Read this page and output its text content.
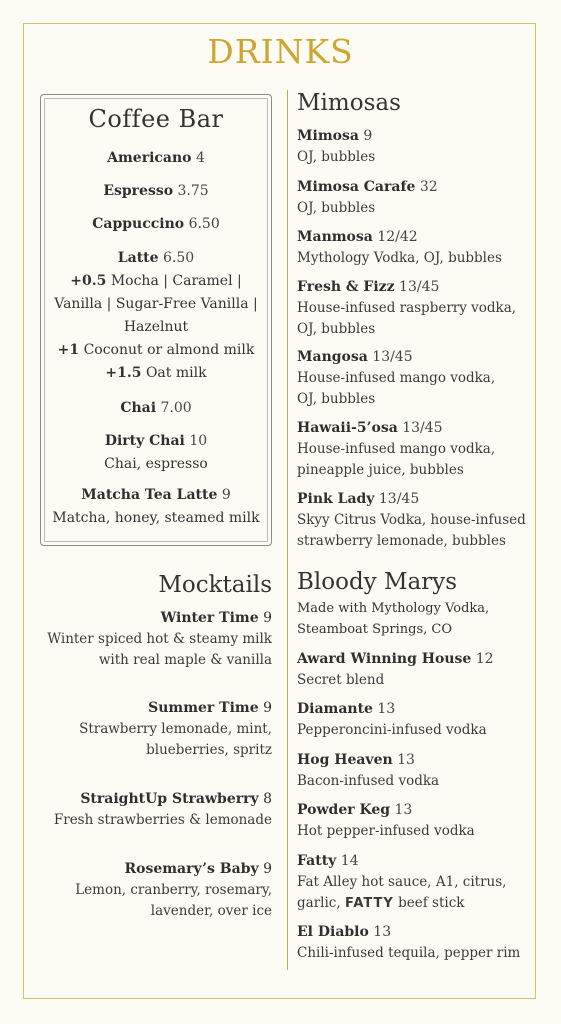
DRINKS
Coffee Bar
Americano 4
Espresso 3.75
Cappuccino 6.50
Latte 6.50
+0.5 Mocha | Caramel |
Vanilla | Sugar-Free Vanilla |
Hazelnut
+1 Coconut or almond milk
+1.5 Oat milk
Chai 7.00
Dirty Chai 10
Chai, espresso
Matcha Tea Latte 9
Matcha, honey, steamed milk
Mimosas
Mimosa 9
OJ, bubbles
Mimosa Carafe 32
OJ, bubbles
Manmosa 12/42
Mythology Vodka, OJ, bubbles
Fresh & Fizz 13/45
House-infused raspberry vodka,
OJ, bubbles
Mangosa 13/45
House-infused mango vodka,
OJ, bubbles
Hawaii-5’osa 13/45
House-infused mango vodka,
pineapple juice, bubbles
Pink Lady 13/45
Skyy Citrus Vodka, house-infused
strawberry lemonade, bubbles
Mocktails
Winter Time 9
Winter spiced hot & steamy milk
with real maple & vanilla
Summer Time 9
Strawberry lemonade, mint,
blueberries, spritz
StraightUp Strawberry 8
Fresh strawberries & lemonade
Rosemary’s Baby 9
Lemon, cranberry, rosemary,
lavender, over ice
Bloody Marys
Made with Mythology Vodka,
Steamboat Springs, CO
Award Winning House 12
Secret blend
Diamante 13
Pepperoncini-infused vodka
Hog Heaven 13
Bacon-infused vodka
Powder Keg 13
Hot pepper-infused vodka
Fatty 14
Fat Alley hot sauce, A1, citrus,
garlic, FATTY beef stick
El Diablo 13
Chili-infused tequila, pepper rim
